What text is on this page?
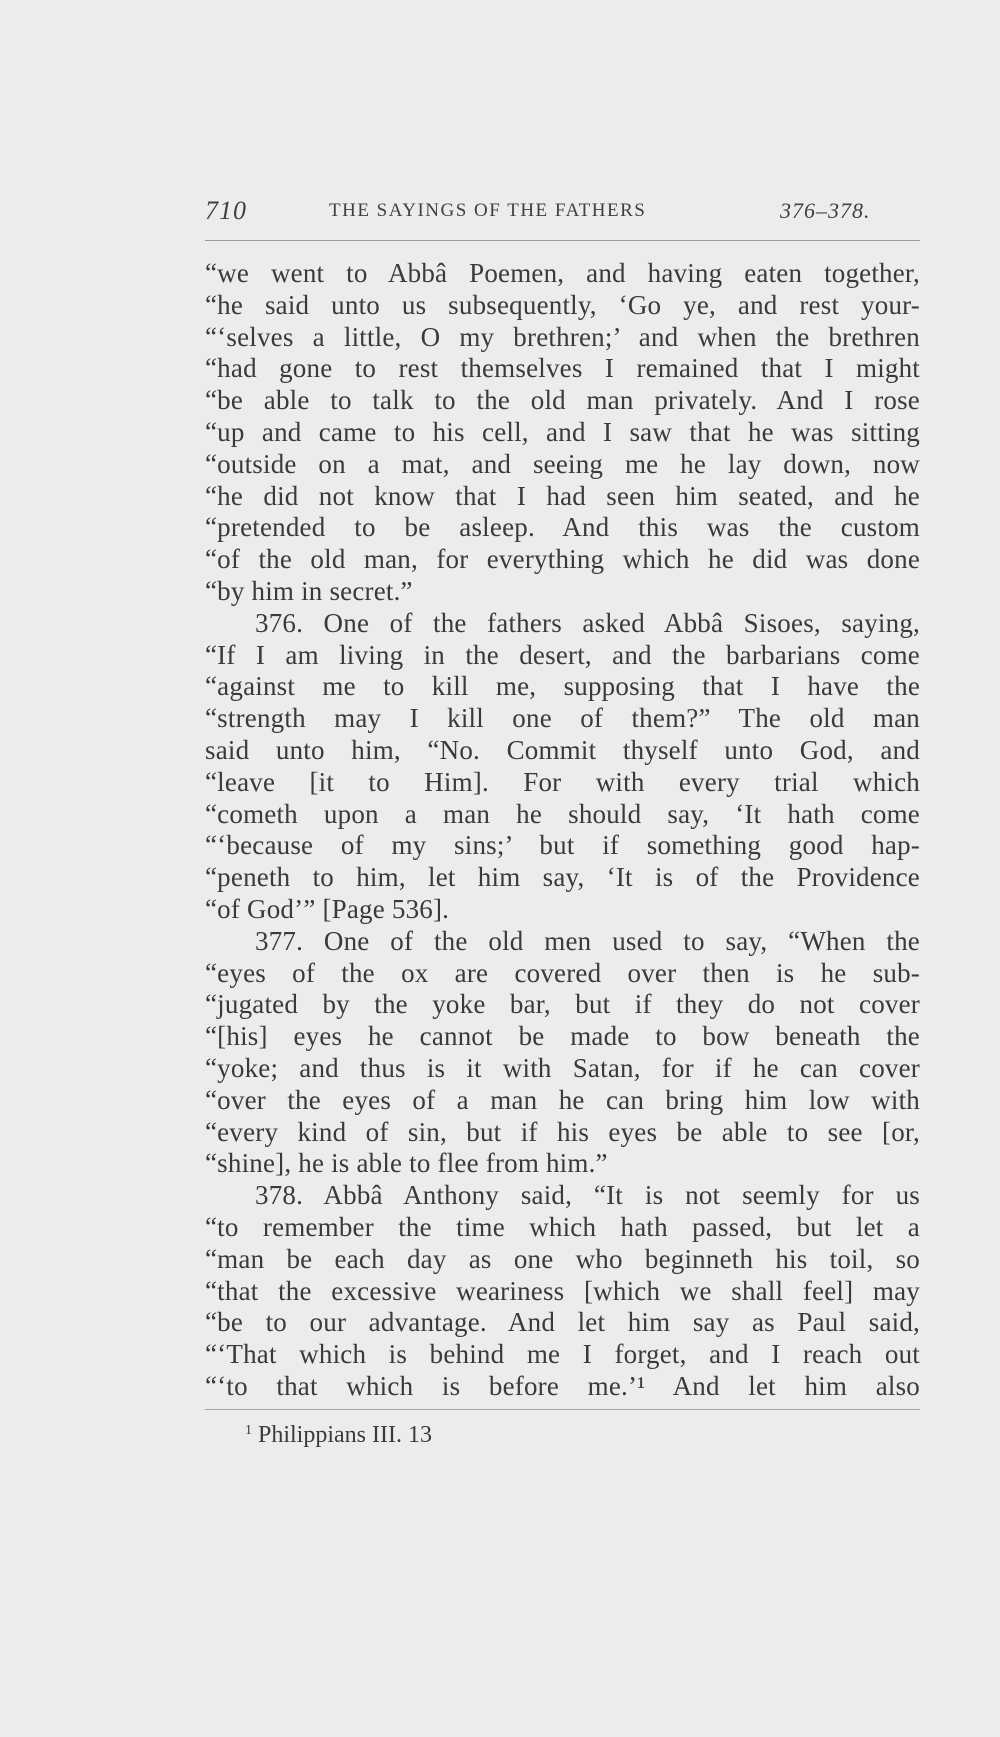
710	THE SAYINGS OF THE FATHERS	376–378.
“we went to Abbâ Poemen, and having eaten together,
“he said unto us subsequently, ‘Go ye, and rest your-
“‘selves a little, O my brethren;’ and when the brethren
“had gone to rest themselves I remained that I might
“be able to talk to the old man privately. And I rose
“up and came to his cell, and I saw that he was sitting
“outside on a mat, and seeing me he lay down, now
“he did not know that I had seen him seated, and he
“pretended to be asleep. And this was the custom
“of the old man, for everything which he did was done
“by him in secret.”
376. One of the fathers asked Abbâ Sisoes, saying,
“If I am living in the desert, and the barbarians come
“against me to kill me, supposing that I have the
“strength may I kill one of them?” The old man
said unto him, “No. Commit thyself unto God, and
“leave [it to Him]. For with every trial which
“cometh upon a man he should say, ‘It hath come
“‘because of my sins;’ but if something good hap-
“peneth to him, let him say, ‘It is of the Providence
“of God’” [Page 536].
377. One of the old men used to say, “When the
“eyes of the ox are covered over then is he sub-
“jugated by the yoke bar, but if they do not cover
“[his] eyes he cannot be made to bow beneath the
“yoke; and thus is it with Satan, for if he can cover
“over the eyes of a man he can bring him low with
“every kind of sin, but if his eyes be able to see [or,
“shine], he is able to flee from him.”
378. Abbâ Anthony said, “It is not seemly for us
“to remember the time which hath passed, but let a
“man be each day as one who beginneth his toil, so
“that the excessive weariness [which we shall feel] may
“be to our advantage. And let him say as Paul said,
“‘That which is behind me I forget, and I reach out
“‘to that which is before me.’¹ And let him also
$^1$ Philippians III. 13
